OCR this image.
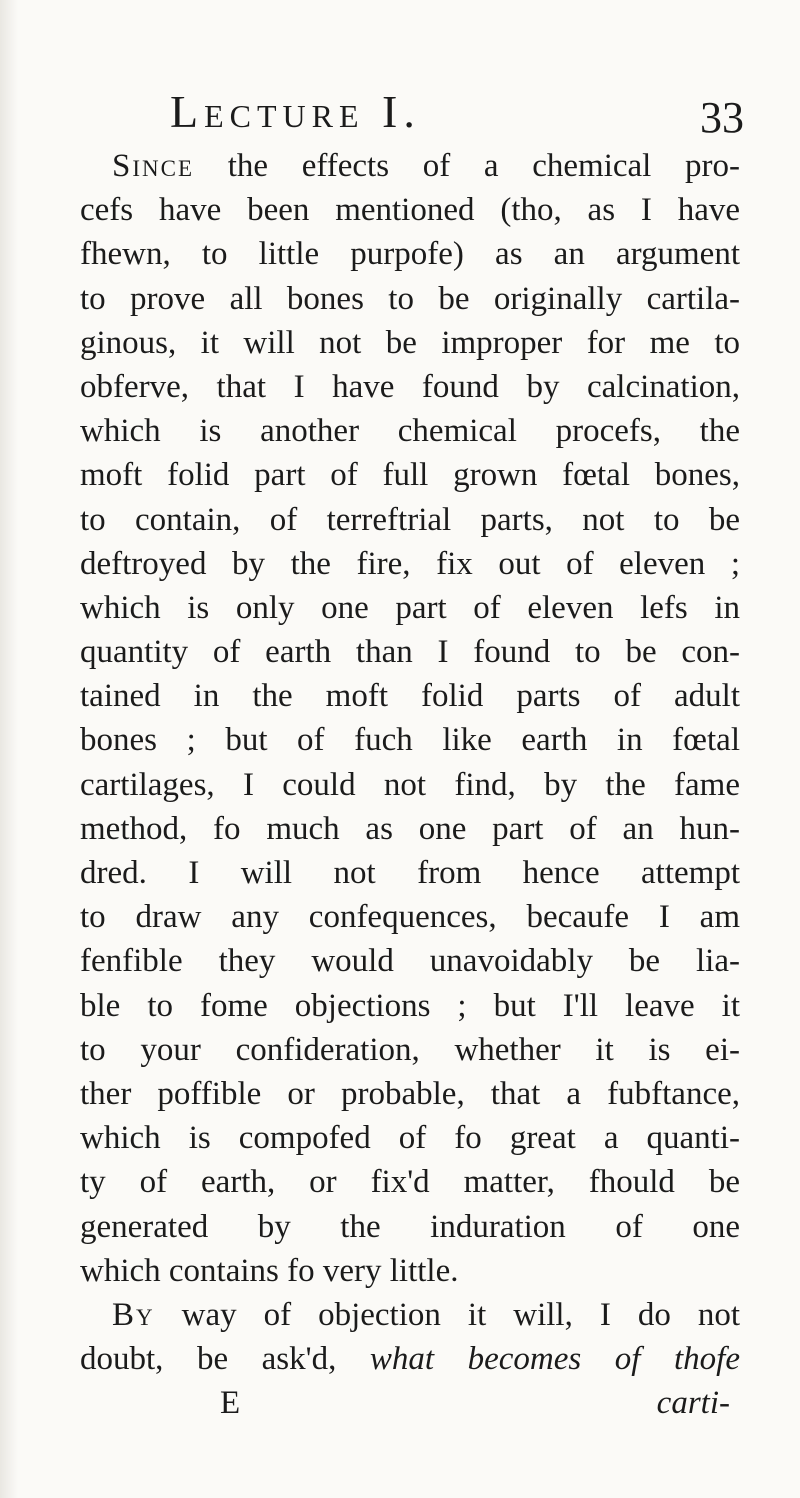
Lecture I.	33
Since the effects of a chemical pro-
cefs have been mentioned (tho, as I have
fhewn, to little purpofe) as an argument
to prove all bones to be originally cartila-
ginous, it will not be improper for me to
obferve, that I have found by calcination,
which is another chemical procefs, the
moft folid part of full grown fœtal bones,
to contain, of terreftrial parts, not to be
deftroyed by the fire, fix out of eleven ;
which is only one part of eleven lefs in
quantity of earth than I found to be con-
tained in the moft folid parts of adult
bones ; but of fuch like earth in fœtal
cartilages, I could not find, by the fame
method, fo much as one part of an hun-
dred. I will not from hence attempt
to draw any confequences, becaufe I am
fenfible they would unavoidably be lia-
ble to fome objections ; but I'll leave it
to your confideration, whether it is ei-
ther poffible or probable, that a fubftance,
which is compofed of fo great a quanti-
ty of earth, or fix'd matter, fhould be
generated by the induration of one
which contains fo very little.
By way of objection it will, I do not
doubt, be ask'd, what becomes of thofe
E	carti-
